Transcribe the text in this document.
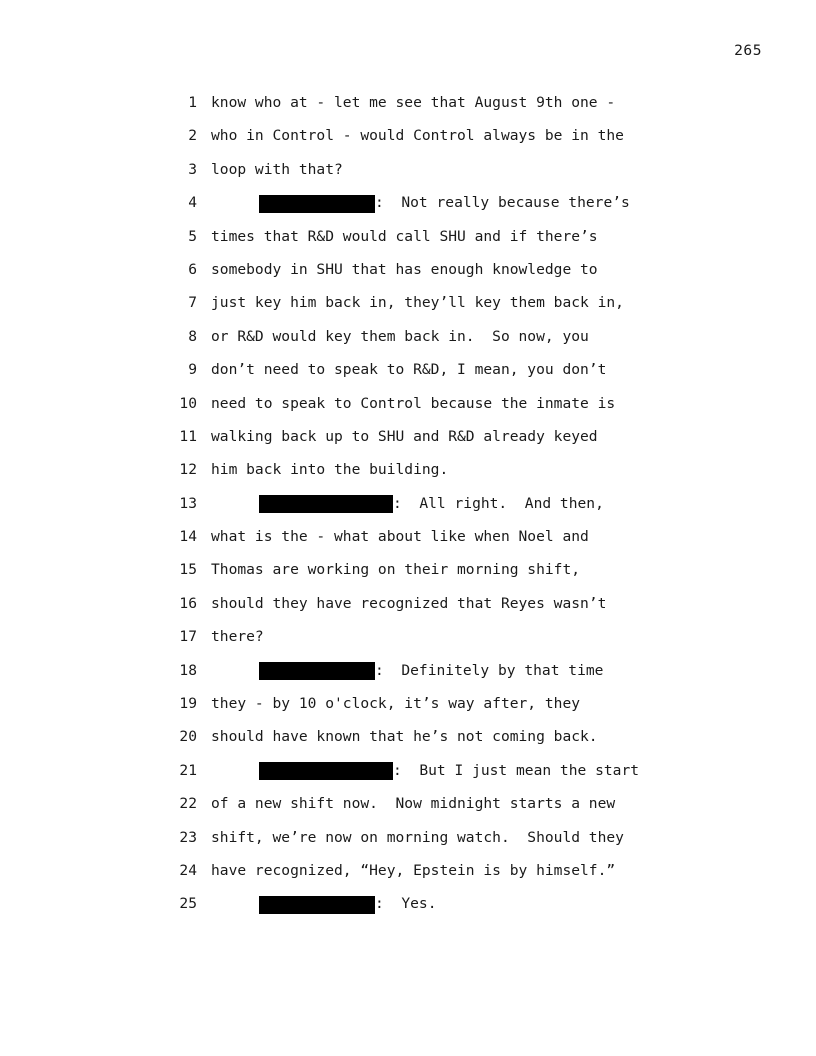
265
1 know who at - let me see that August 9th one -
2 who in Control - would Control always be in the
3 loop with that?
4	:  Not really because there’s
5 times that R&D would call SHU and if there’s
6 somebody in SHU that has enough knowledge to
7 just key him back in, they’ll key them back in,
8 or R&D would key them back in.  So now, you
9 don’t need to speak to R&D, I mean, you don’t
10 need to speak to Control because the inmate is
11 walking back up to SHU and R&D already keyed
12 him back into the building.
13	:  All right.  And then,
14 what is the - what about like when Noel and
15 Thomas are working on their morning shift,
16 should they have recognized that Reyes wasn’t
17 there?
18	:  Definitely by that time
19 they - by 10 o'clock, it’s way after, they
20 should have known that he’s not coming back.
21	:  But I just mean the start
22 of a new shift now.  Now midnight starts a new
23 shift, we’re now on morning watch.  Should they
24 have recognized, “Hey, Epstein is by himself.”
25	:  Yes.
